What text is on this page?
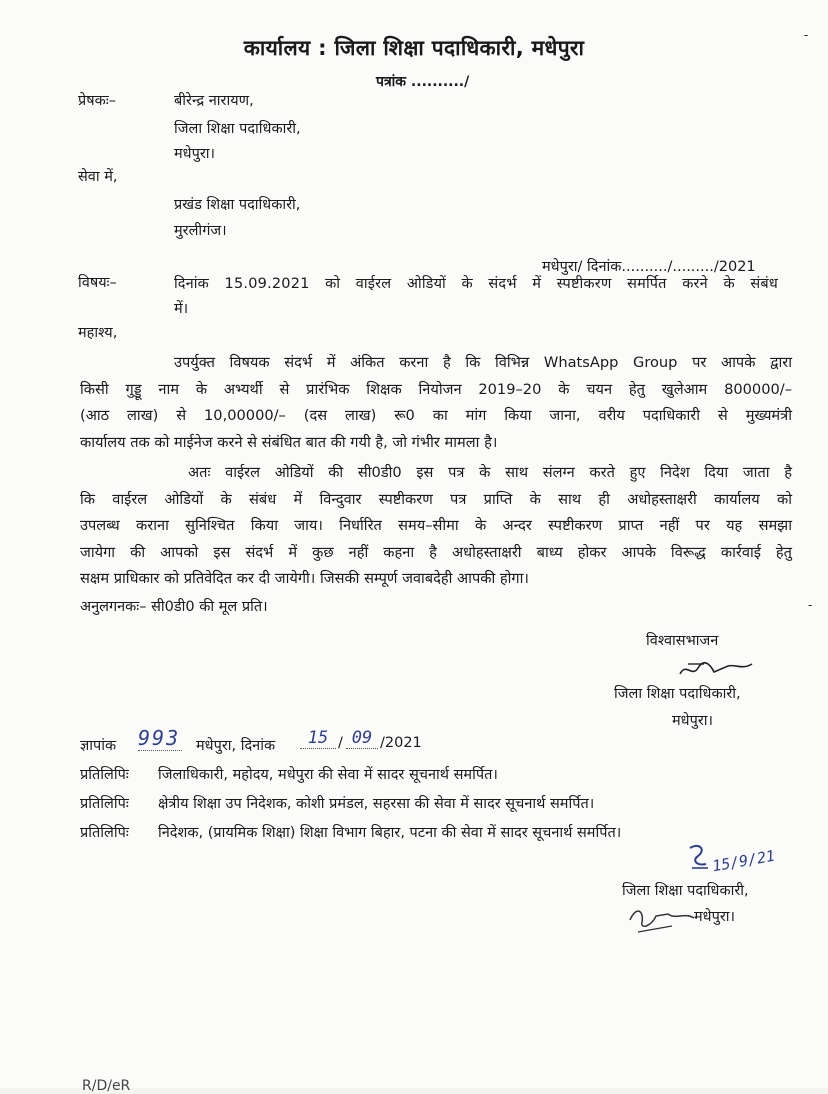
कार्यालय : जिला शिक्षा पदाधिकारी, मधेपुरा
पत्रांक ........../
प्रेषकः–	बीरेन्द्र नारायण,
जिला शिक्षा पदाधिकारी,
मधेपुरा।
सेवा में,
प्रखंड शिक्षा पदाधिकारी,
मुरलीगंज।
मधेपुरा/ दिनांक........../........./2021
विषयः–	दिनांक 15.09.2021 को वाईरल ओडियों के संदर्भ में स्पष्टीकरण समर्पित करने के संबंध
में।
महाश्य,
उपर्युक्त विषयक संदर्भ में अंकित करना है कि विभिन्न WhatsApp Group पर आपके द्वारा
किसी गुड्डू नाम के अभ्यर्थी से प्रारंभिक शिक्षक नियोजन 2019–20 के चयन हेतु खुलेआम 800000/–
(आठ लाख) से 10,00000/– (दस लाख) रू0 का मांग किया जाना, वरीय पदाधिकारी से मुख्यमंत्री
कार्यालय तक को माईनेज करने से संबंधित बात की गयी है, जो गंभीर मामला है।
अतः वाईरल ओडियों की सी0डी0 इस पत्र के साथ संलग्न करते हुए निदेश दिया जाता है
कि वाईरल ओडियों के संबंध में विन्दुवार स्पष्टीकरण पत्र प्राप्ति के साथ ही अधोहस्ताक्षरी कार्यालय को
उपलब्ध कराना सुनिश्चित किया जाय। निर्धारित समय–सीमा के अन्दर स्पष्टीकरण प्राप्त नहीं पर यह समझा
जायेगा की आपको इस संदर्भ में कुछ नहीं कहना है अधोहस्ताक्षरी बाध्य होकर आपके विरूद्ध कार्रवाई हेतु
सक्षम प्राधिकार को प्रतिवेदित कर दी जायेगी। जिसकी सम्पूर्ण जवाबदेही आपकी होगा।
अनुलगनकः– सी0डी0 की मूल प्रति।
विश्वासभाजन
जिला शिक्षा पदाधिकारी,
मधेपुरा।
ज्ञापांक 993 मधेपुरा, दिनांक	15 / 09 /2021
प्रतिलिपिः जिलाधिकारी, महोदय, मधेपुरा की सेवा में सादर सूचनार्थ समर्पित।
प्रतिलिपिः क्षेत्रीय शिक्षा उप निदेशक, कोशी प्रमंडल, सहरसा की सेवा में सादर सूचनार्थ समर्पित।
प्रतिलिपिः निदेशक, (प्रायमिक शिक्षा) शिक्षा विभाग बिहार, पटना की सेवा में सादर सूचनार्थ समर्पित।
15/9/21
जिला शिक्षा पदाधिकारी,
मधेपुरा।
-
-
R/D/eR
